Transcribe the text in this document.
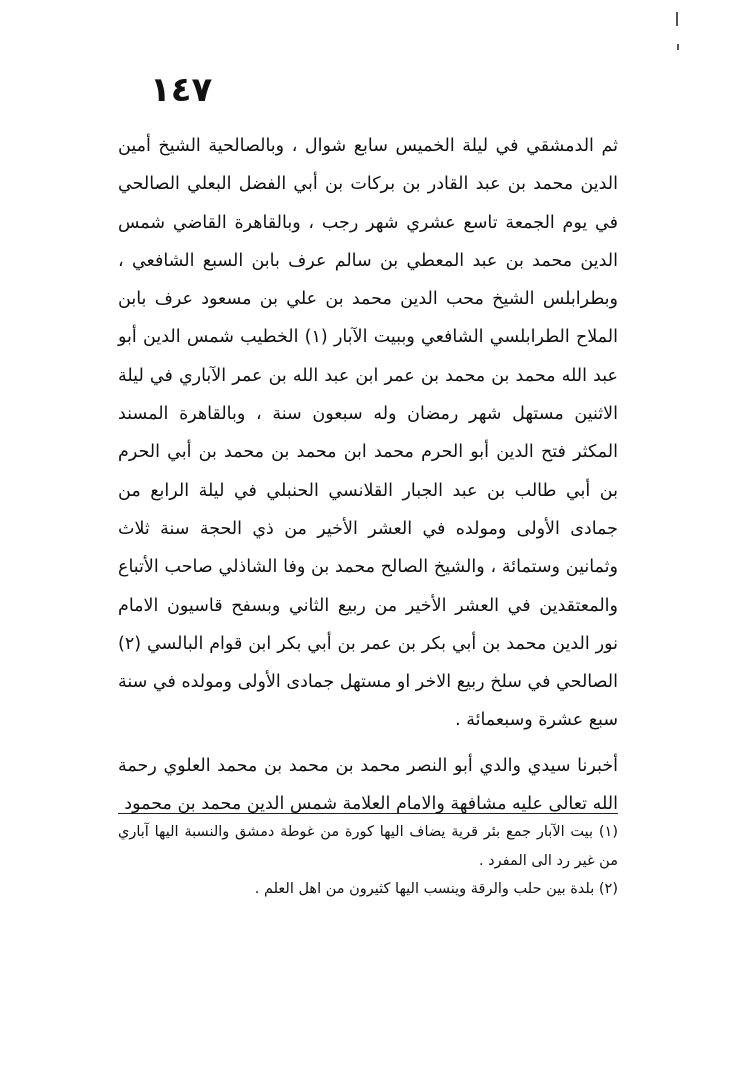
١٤٧

ثم الدمشقي في ليلة الخميس سابع شوال ، وبالصالحية الشيخ أمين الدين محمد بن عبد القادر بن بركات بن أبي الفضل البعلي الصالحي في يوم الجمعة تاسع عشري شهر رجب ، وبالقاهرة القاضي شمس الدين محمد بن عبد المعطي بن سالم عرف بابن السبع الشافعي ، وبطرابلس الشيخ محب الدين محمد بن علي بن مسعود عرف بابن الملاح الطرابلسي الشافعي وببيت الآبار (١) الخطيب شمس الدين أبو عبد الله محمد بن محمد بن عمر ابن عبد الله بن عمر الآباري في ليلة الاثنين مستهل شهر رمضان وله سبعون سنة ، وبالقاهرة المسند المكثر فتح الدين أبو الحرم محمد ابن محمد بن محمد بن أبي الحرم بن أبي طالب بن عبد الجبار القلانسي الحنبلي في ليلة الرابع من جمادى الأولى ومولده في العشر الأخير من ذي الحجة سنة ثلاث وثمانين وستمائة ، والشيخ الصالح محمد بن وفا الشاذلي صاحب الأتباع والمعتقدين في العشر الأخير من ربيع الثاني وبسفح قاسيون الامام نور الدين محمد بن أبي بكر بن عمر بن أبي بكر ابن قوام البالسي (٢) الصالحي في سلخ ربيع الاخر او مستهل جمادى الأولى ومولده في سنة سبع عشرة وسبعمائة .

أخبرنا سيدي والدي أبو النصر محمد بن محمد بن محمد العلوي رحمة الله تعالى عليه مشافهة والامام العلامة شمس الدين محمد بن محمود

(١) بيت الآبار جمع بئر قرية يضاف اليها كورة من غوطة دمشق والنسبة اليها آباري من غير رد الى المفرد .

(٢) بلدة بين حلب والرقة وينسب اليها كثيرون من اهل العلم .
